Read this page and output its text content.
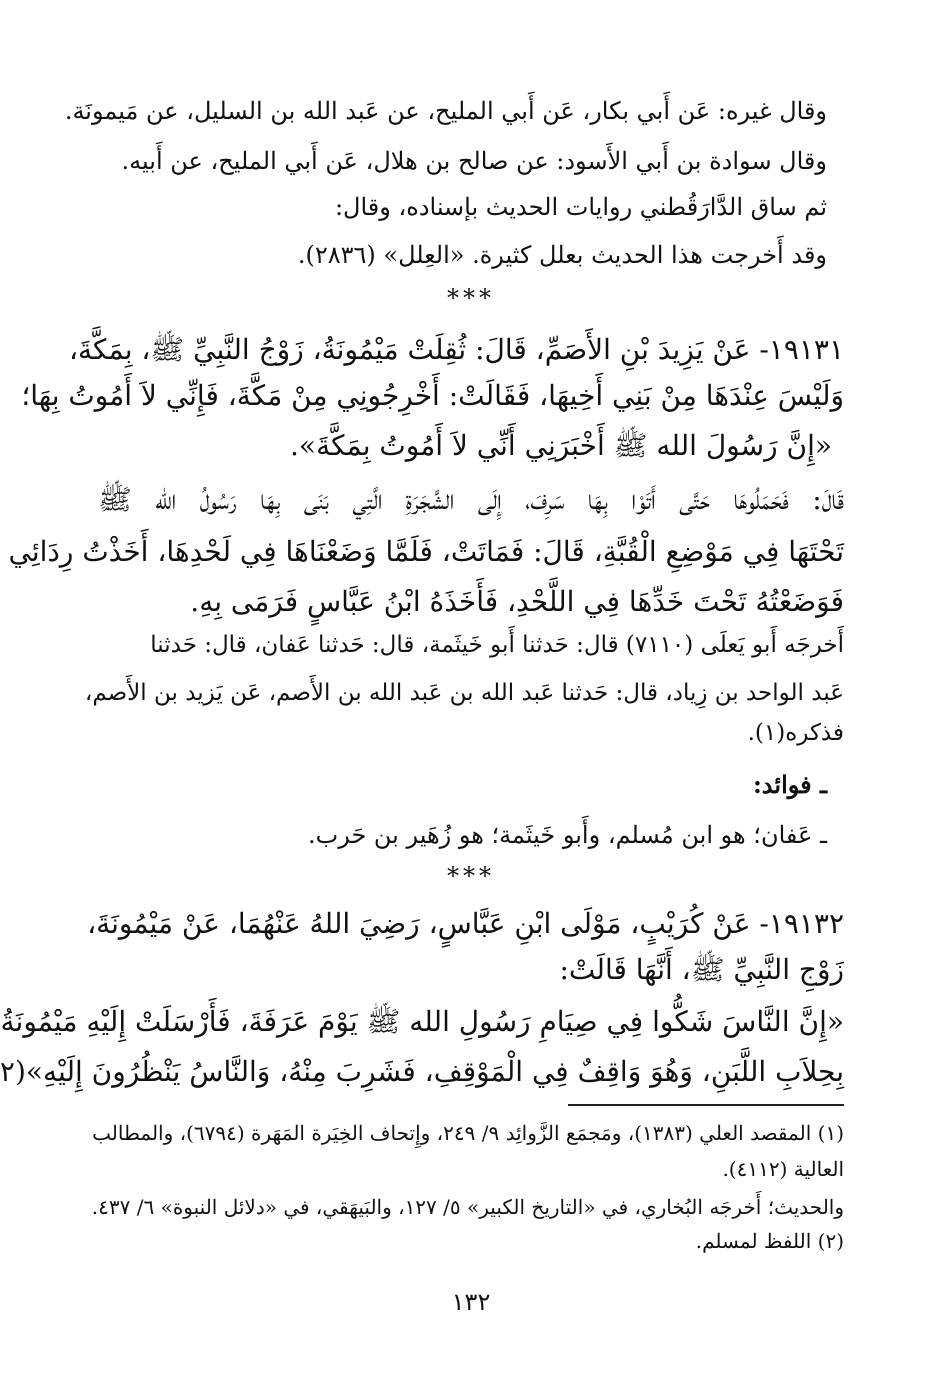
وقال غيره: عَن أَبي بكار، عَن أَبي المليح، عن عَبد الله بن السليل، عن مَيمونَة.
وقال سوادة بن أَبي الأَسود: عن صالح بن هلال، عَن أَبي المليح، عن أَبيه.
ثم ساق الدَّارَقُطني روايات الحديث بإسناده، وقال:
وقد أَخرجت هذا الحديث بعلل كثيرة. «العِلل» (٢٨٣٦).
***
١٩١٣١- عَنْ يَزِيدَ بْنِ الأَصَمِّ، قَالَ: ثُقِلَتْ مَيْمُونَةُ، زَوْجُ النَّبِيِّ ﷺ، بِمَكَّةَ،
وَلَيْسَ عِنْدَهَا مِنْ بَنِي أَخِيهَا، فَقَالَتْ: أَخْرِجُونِي مِنْ مَكَّةَ، فَإِنِّي لاَ أَمُوتُ بِهَا؛
«إِنَّ رَسُولَ الله ﷺ أَخْبَرَنِي أَنِّي لاَ أَمُوتُ بِمَكَّةَ».
قَالَ: فَحَمَلُوهَا حَتَّى أَتَوْا بِهَا سَرِفَ، إِلَى الشَّجَرَةِ الَّتِي بَنَى بِهَا رَسُولُ الله ﷺ
تَحْتَهَا فِي مَوْضِعِ الْقُبَّةِ، قَالَ: فَمَاتَتْ، فَلَمَّا وَضَعْنَاهَا فِي لَحْدِهَا، أَخَذْتُ رِدَائِي
فَوَضَعْتُهُ تَحْتَ خَدِّهَا فِي اللَّحْدِ، فَأَخَذَهُ ابْنُ عَبَّاسٍ فَرَمَى بِهِ.
أَخرجَه أَبو يَعلَى (٧١١٠) قال: حَدثنا أَبو خَيثَمة، قال: حَدثنا عَفان، قال: حَدثنا
عَبد الواحد بن زِياد، قال: حَدثنا عَبد الله بن عَبد الله بن الأَصم، عَن يَزيد بن الأَصم،
فذكره(١).
ـ فوائد:
ـ عَفان؛ هو ابن مُسلم، وأَبو خَيثَمة؛ هو زُهَير بن حَرب.
***
١٩١٣٢- عَنْ كُرَيْبٍ، مَوْلَى ابْنِ عَبَّاسٍ، رَضِيَ اللهُ عَنْهُمَا، عَنْ مَيْمُونَةَ،
زَوْجِ النَّبِيِّ ﷺ، أَنَّهَا قَالَتْ:
«إِنَّ النَّاسَ شَكُّوا فِي صِيَامِ رَسُولِ الله ﷺ يَوْمَ عَرَفَةَ، فَأَرْسَلَتْ إِلَيْهِ مَيْمُونَةُ
بِحِلاَبِ اللَّبَنِ، وَهُوَ وَاقِفٌ فِي الْمَوْقِفِ، فَشَرِبَ مِنْهُ، وَالنَّاسُ يَنْظُرُونَ إِلَيْهِ»(٢
(١) المقصد العلي (١٣٨٣)، ومَجمَع الزَّوائِد ٩/ ٢٤٩، وإِتحاف الخِيَرة المَهَرة (٦٧٩٤)، والمطالب
العالية (٤١١٢).
والحديث؛ أَخرجَه البُخاري، في «التاريخ الكبير» ٥/ ١٢٧، والبَيهَقي، في «دلائل النبوة» ٦/ ٤٣٧.
(٢) اللفظ لمسلم.
١٣٢
